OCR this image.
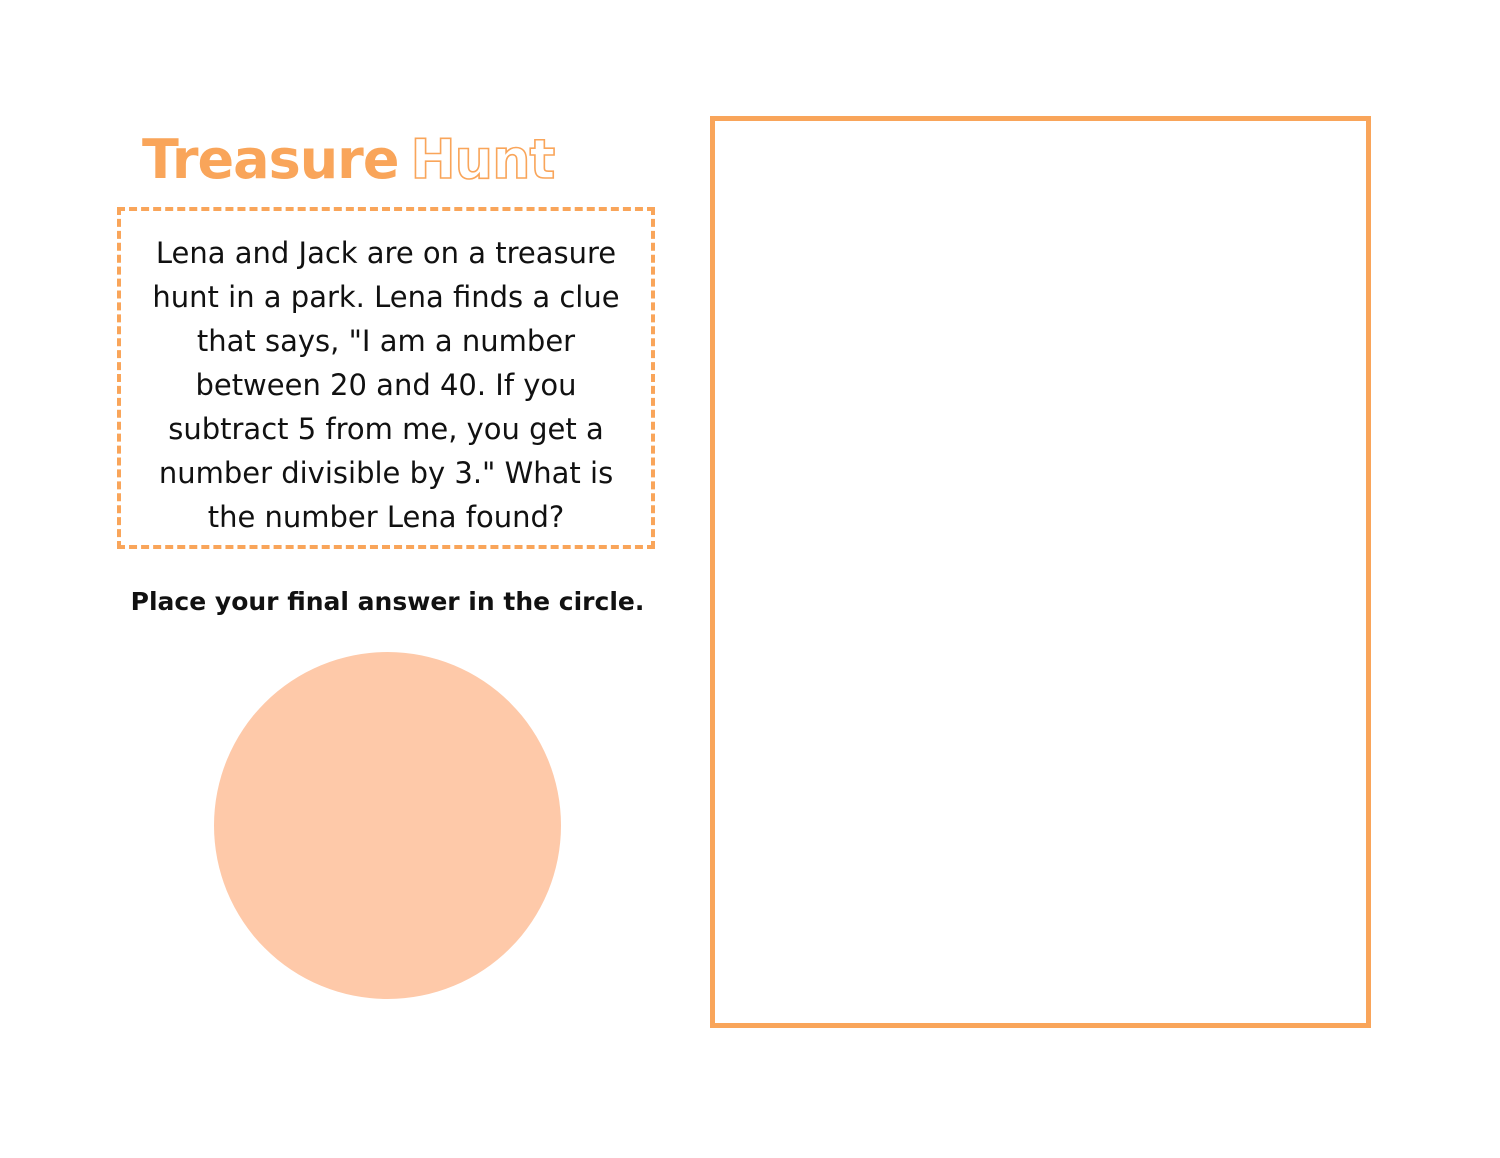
Treasure Hunt

Lena and Jack are on a treasure hunt in a park. Lena finds a clue that says, "I am a number between 20 and 40. If you subtract 5 from me, you get a number divisible by 3." What is the number Lena found?

Place your final answer in the circle.
